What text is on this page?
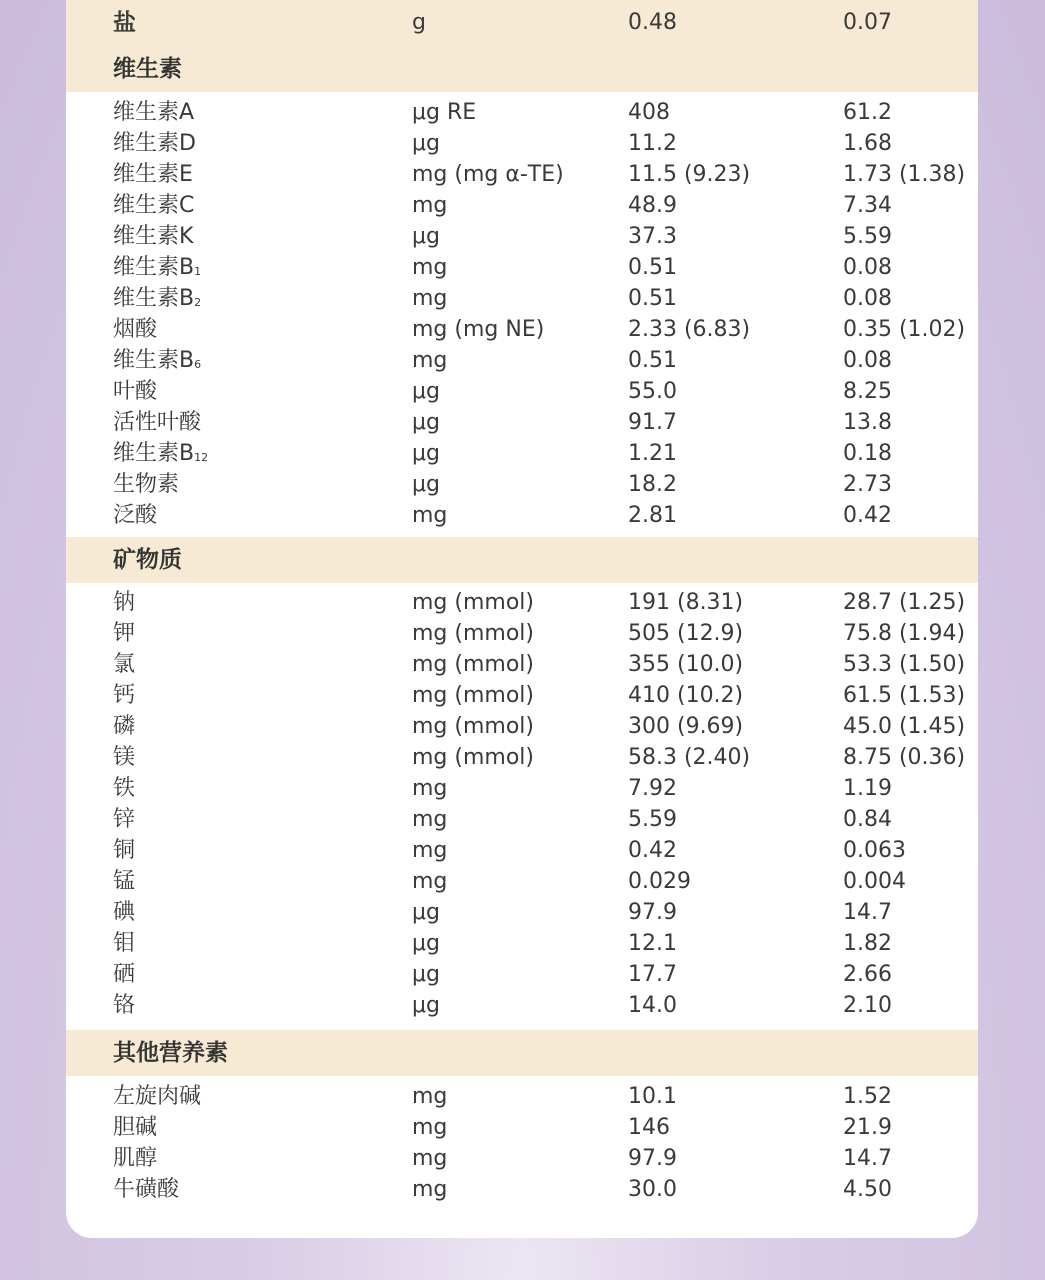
盐	g	0.48	0.07
维生素
维生素A	μg RE	408	61.2
维生素D	μg	11.2	1.68
维生素E	mg (mg α-TE)	11.5 (9.23)	1.73 (1.38)
维生素C	mg	48.9	7.34
维生素K	μg	37.3	5.59
维生素$B_1$	mg	0.51	0.08
维生素$B_2$	mg	0.51	0.08
烟酸	mg (mg NE)	2.33 (6.83)	0.35 (1.02)
维生素$B_6$	mg	0.51	0.08
叶酸	μg	55.0	8.25
活性叶酸	μg	91.7	13.8
维生素$B_{12}$	μg	1.21	0.18
生物素	μg	18.2	2.73
泛酸	mg	2.81	0.42
矿物质
钠	mg (mmol)	191 (8.31)	28.7 (1.25)
钾	mg (mmol)	505 (12.9)	75.8 (1.94)
氯	mg (mmol)	355 (10.0)	53.3 (1.50)
钙	mg (mmol)	410 (10.2)	61.5 (1.53)
磷	mg (mmol)	300 (9.69)	45.0 (1.45)
镁	mg (mmol)	58.3 (2.40)	8.75 (0.36)
铁	mg	7.92	1.19
锌	mg	5.59	0.84
铜	mg	0.42	0.063
锰	mg	0.029	0.004
碘	μg	97.9	14.7
钼	μg	12.1	1.82
硒	μg	17.7	2.66
铬	μg	14.0	2.10
其他营养素
左旋肉碱	mg	10.1	1.52
胆碱	mg	146	21.9
肌醇	mg	97.9	14.7
牛磺酸	mg	30.0	4.50
